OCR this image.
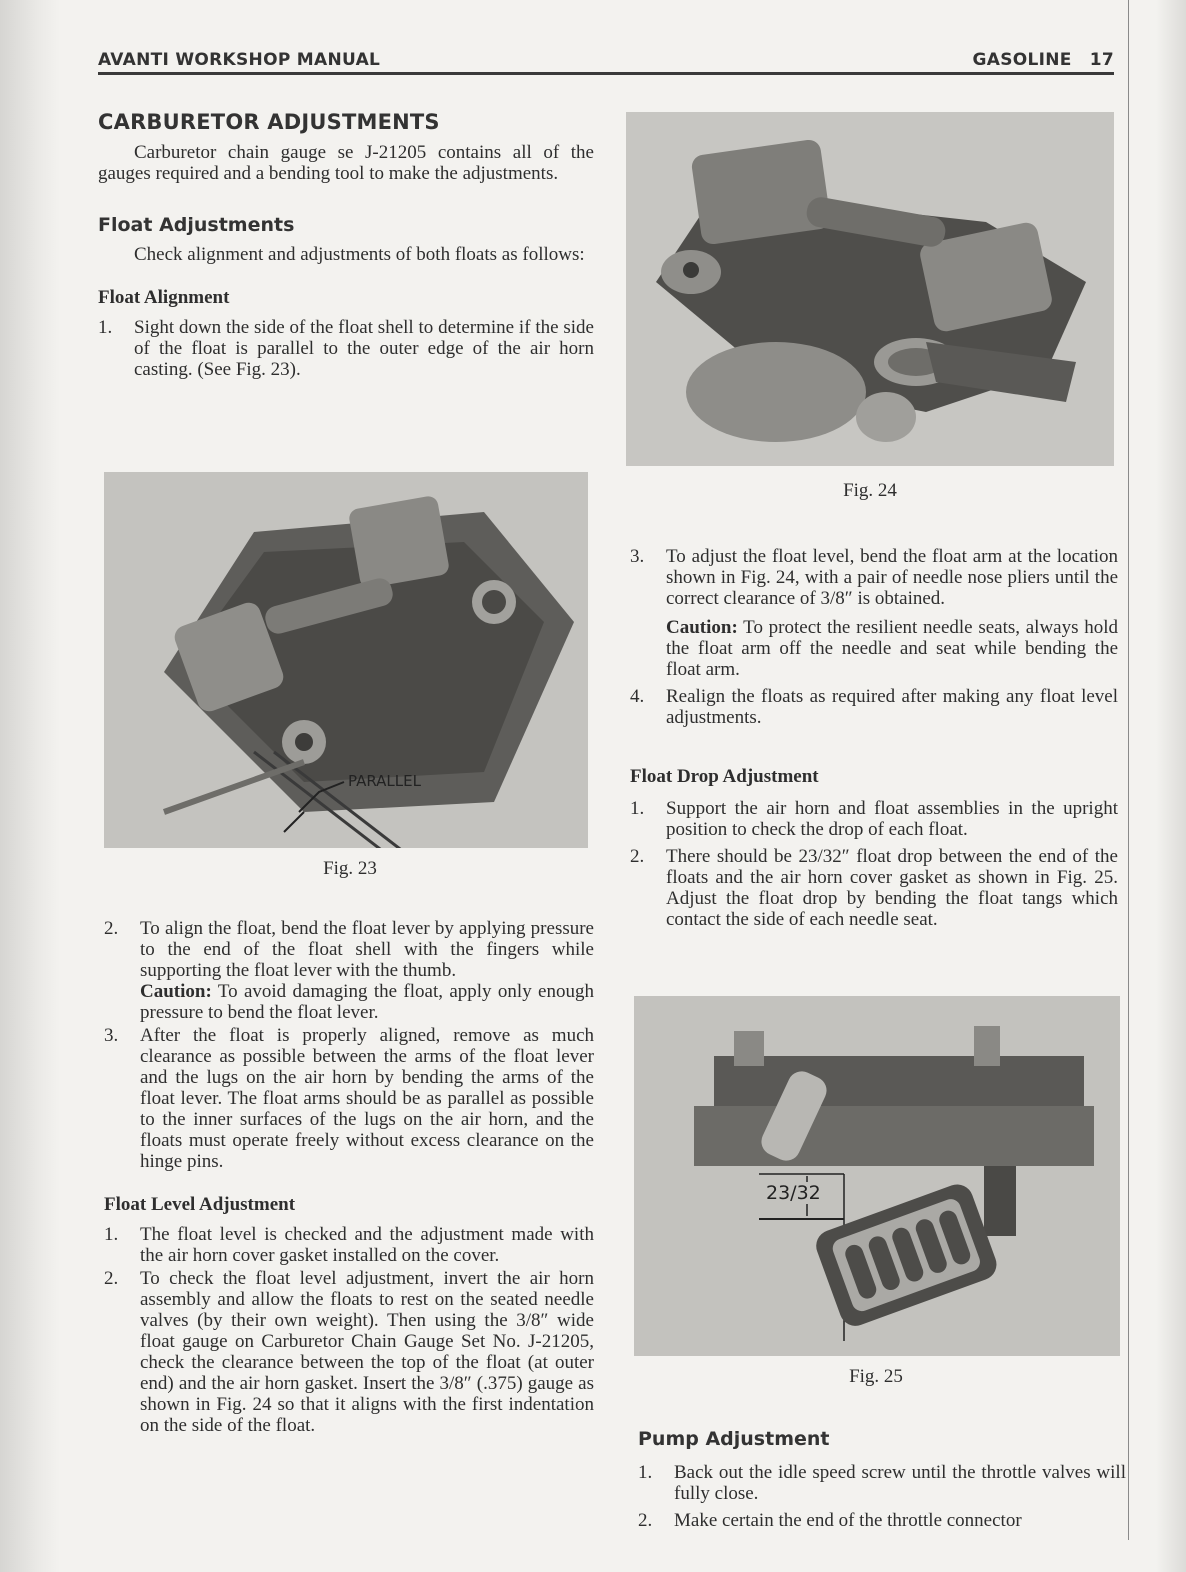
AVANTI WORKSHOP MANUAL	GASOLINE 17
CARBURETOR ADJUSTMENTS

Carburetor chain gauge se J-21205 contains all of the gauges required and a bending tool to make the adjustments.

Float Adjustments

Check alignment and adjustments of both floats as follows:

Float Alignment
1. Sight down the side of the float shell to determine if the side of the float is parallel to the outer edge of the air horn casting. (See Fig. 23).

PARALLEL
Fig. 23
2. To align the float, bend the float lever by applying pressure to the end of the float shell with the fingers while supporting the float lever with the thumb.

Caution: To avoid damaging the float, apply only enough pressure to bend the float lever.

3. After the float is properly aligned, remove as much clearance as possible between the arms of the float lever and the lugs on the air horn by bending the arms of the float lever. The float arms should be as parallel as possible to the inner surfaces of the lugs on the air horn, and the floats must operate freely without excess clearance on the hinge pins.

Float Level Adjustment
1. The float level is checked and the adjustment made with the air horn cover gasket installed on the cover.

2. To check the float level adjustment, invert the air horn assembly and allow the floats to rest on the seated needle valves (by their own weight). Then using the 3/8″ wide float gauge on Carburetor Chain Gauge Set No. J-21205, check the clearance between the top of the float (at outer end) and the air horn gasket. Insert the 3/8″ (.375) gauge as shown in Fig. 24 so that it aligns with the first indentation on the side of the float.

Fig. 24
3. To adjust the float level, bend the float arm at the location shown in Fig. 24, with a pair of needle nose pliers until the correct clearance of 3/8″ is obtained.

Caution: To protect the resilient needle seats, always hold the float arm off the needle and seat while bending the float arm.

4. Realign the floats as required after making any float level adjustments.

Float Drop Adjustment
1. Support the air horn and float assemblies in the upright position to check the drop of each float.

2. There should be 23/32″ float drop between the end of the floats and the air horn cover gasket as shown in Fig. 25. Adjust the float drop by bending the float tangs which contact the side of each needle seat.

23/32
Fig. 25
Pump Adjustment
1. Back out the idle speed screw until the throttle valves will fully close.

2. Make certain the end of the throttle connector
